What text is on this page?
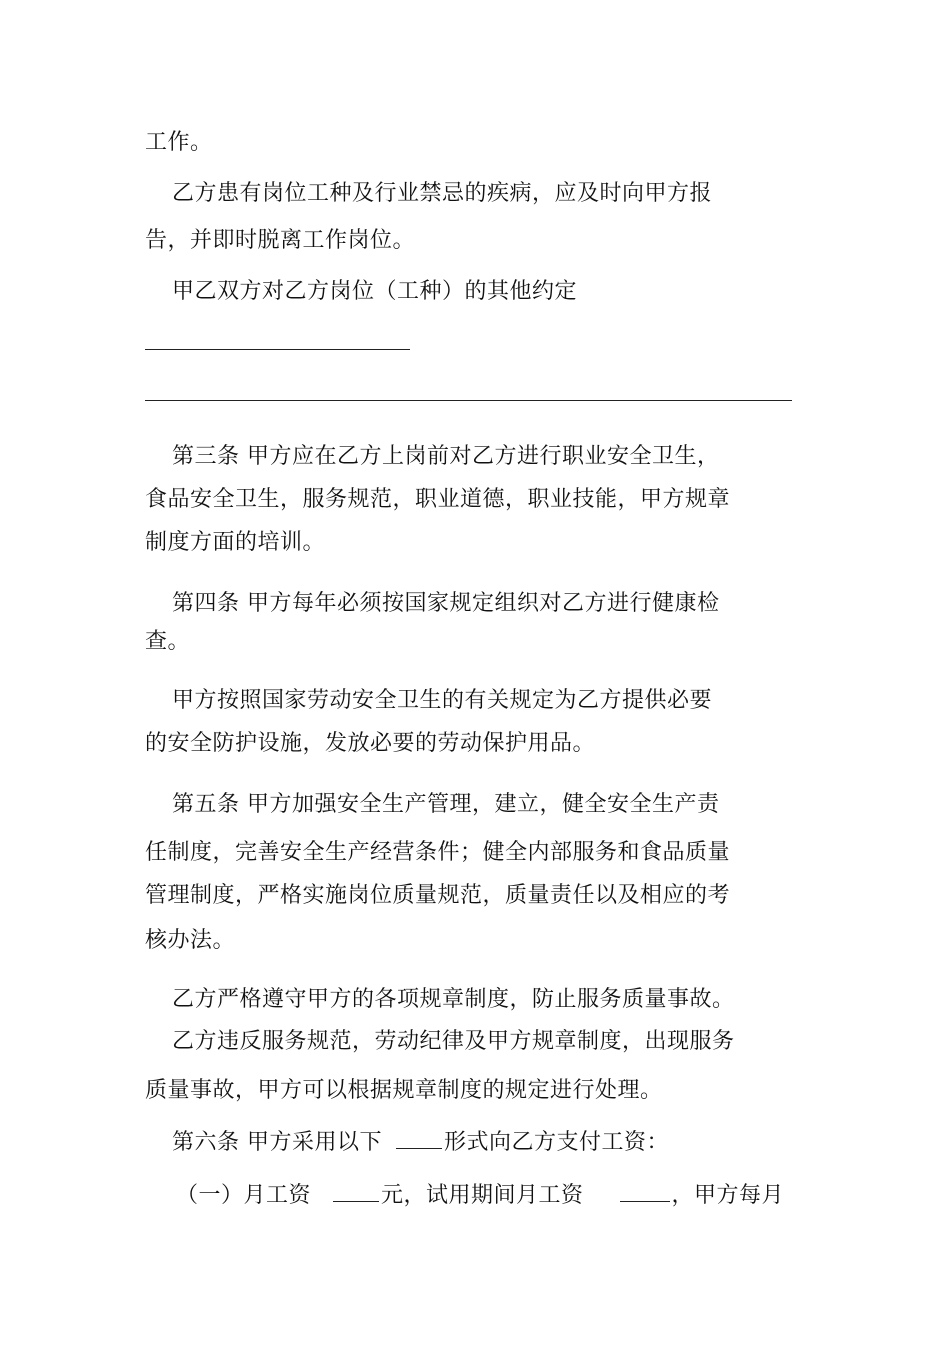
工作。
乙方患有岗位工种及行业禁忌的疾病，应及时向甲方报
告，并即时脱离工作岗位。
甲乙双方对乙方岗位（工种）的其他约定
第三条 甲方应在乙方上岗前对乙方进行职业安全卫生，
食品安全卫生，服务规范，职业道德，职业技能，甲方规章
制度方面的培训。
第四条 甲方每年必须按国家规定组织对乙方进行健康检
查。
甲方按照国家劳动安全卫生的有关规定为乙方提供必要
的安全防护设施，发放必要的劳动保护用品。
第五条 甲方加强安全生产管理，建立，健全安全生产责
任制度，完善安全生产经营条件；健全内部服务和食品质量
管理制度，严格实施岗位质量规范，质量责任以及相应的考
核办法。
乙方严格遵守甲方的各项规章制度，防止服务质量事故。
乙方违反服务规范，劳动纪律及甲方规章制度，出现服务
质量事故，甲方可以根据规章制度的规定进行处理。
第六条 甲方采用以下	形式向乙方支付工资：
（一）月工资	元，试用期间月工资	，甲方每月
